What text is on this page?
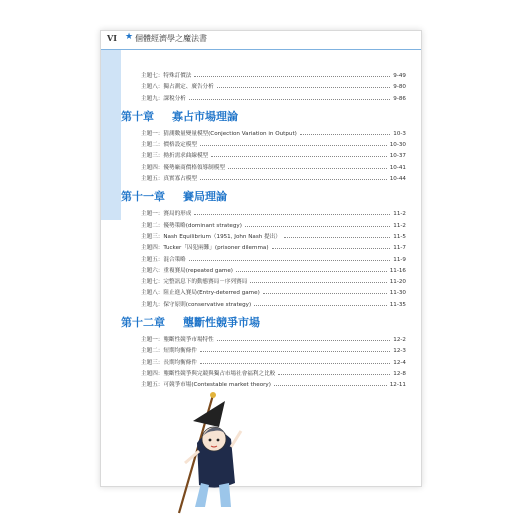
VI ★ 個體經濟學之魔法書
主題七：特殊訂價法	9-49
主題八：獨占測定、廣告分析	9-80
主題九：課稅分析	9-86
第十章 寡占市場理論
主題一：猜測數量變量模型(Conjection Variation in Output)	10-3
主題二：價格設定模型	10-30
主題三：拗折需求曲線模型	10-37
主題四：優勢廠商價格領導制模型	10-41
主題五：真實寡占模型	10-44
第十一章 賽局理論
主題一：賽局的形成	11-2
主題二：優勢策略(dominant strategy)	11-2
主題三：Nash Equilibrium（1951, John Nash 提出）	11-5
主題四：Tucker「囚犯兩難」(prisoner dilemma)	11-7
主題五：混合策略	11-9
主題六：重複賽局(repeated game)	11-16
主題七：完整訊息下的動態賽局－序列賽局	11-20
主題八：阻止進入賽局(Entry-deterred game)	11-30
主題九：保守原則(conservative strategy)	11-35
第十二章 壟斷性競爭市場
主題一：壟斷性競爭市場特性	12-2
主題二：短期均衡條件	12-3
主題三：長期均衡條件	12-4
主題四：壟斷性競爭與完競與獨占市場社會福利之比較	12-8
主題五：可競爭市場(Contestable market theory)	12-11
